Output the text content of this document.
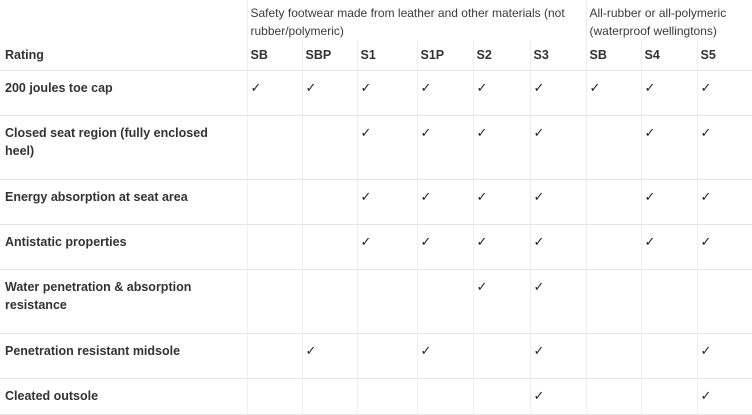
	Safety footwear made from leather and other materials (not rubber/polymeric)						All-rubber or all-polymeric (waterproof wellingtons)		
Rating	SB	SBP	S1	S1P	S2	S3	SB	S4	S5
200 joules toe cap	✓	✓	✓	✓	✓	✓	✓	✓	✓
Closed seat region (fully enclosed heel)			✓	✓	✓	✓		✓	✓
Energy absorption at seat area			✓	✓	✓	✓		✓	✓
Antistatic properties			✓	✓	✓	✓		✓	✓
Water penetration & absorption resistance					✓	✓			
Penetration resistant midsole		✓		✓		✓			✓
Cleated outsole						✓			✓
